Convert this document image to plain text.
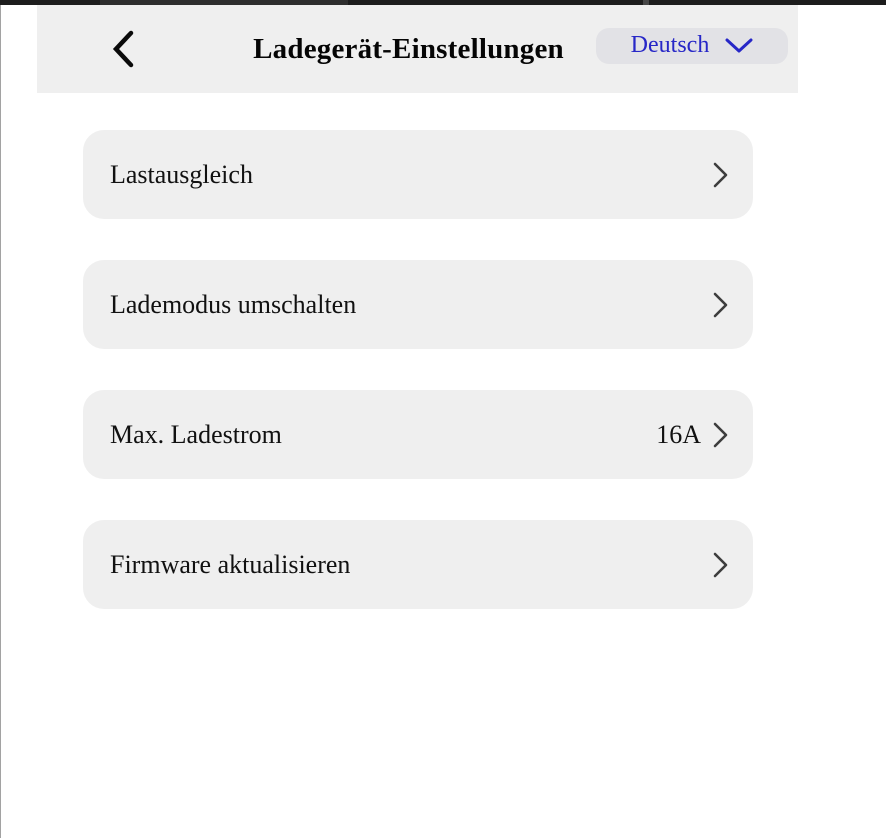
Ladegerät-Einstellungen	Deutsch
Lastausgleich
Lademodus umschalten
Max. Ladestrom	16A
Firmware aktualisieren
